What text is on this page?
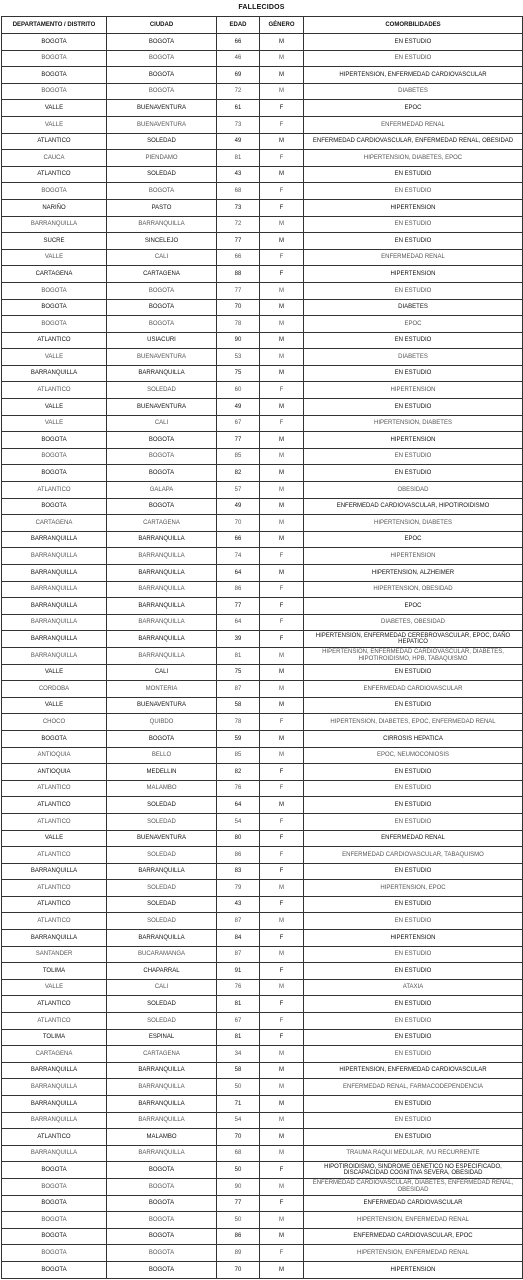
FALLECIDOS
DEPARTAMENTO / DISTRITO	CIUDAD	EDAD	GÉNERO	COMORBILIDADES
BOGOTA	BOGOTA	66	M	EN ESTUDIO
BOGOTA	BOGOTA	46	M	EN ESTUDIO
BOGOTA	BOGOTA	69	M	HIPERTENSION, ENFERMEDAD CARDIOVASCULAR
BOGOTA	BOGOTA	72	M	DIABETES
VALLE	BUENAVENTURA	61	F	EPOC
VALLE	BUENAVENTURA	73	F	ENFERMEDAD RENAL
ATLANTICO	SOLEDAD	49	M	ENFERMEDAD CARDIOVASCULAR, ENFERMEDAD RENAL, OBESIDAD
CAUCA	PIENDAMO	81	F	HIPERTENSION, DIABETES, EPOC
ATLANTICO	SOLEDAD	43	M	EN ESTUDIO
BOGOTA	BOGOTA	68	F	EN ESTUDIO
NARIÑO	PASTO	73	F	HIPERTENSION
BARRANQUILLA	BARRANQUILLA	72	M	EN ESTUDIO
SUCRE	SINCELEJO	77	M	EN ESTUDIO
VALLE	CALI	66	F	ENFERMEDAD RENAL
CARTAGENA	CARTAGENA	88	F	HIPERTENSION
BOGOTA	BOGOTA	77	M	EN ESTUDIO
BOGOTA	BOGOTA	70	M	DIABETES
BOGOTA	BOGOTA	78	M	EPOC
ATLANTICO	USIACURI	90	M	EN ESTUDIO
VALLE	BUENAVENTURA	53	M	DIABETES
BARRANQUILLA	BARRANQUILLA	75	M	EN ESTUDIO
ATLANTICO	SOLEDAD	60	F	HIPERTENSION
VALLE	BUENAVENTURA	49	M	EN ESTUDIO
VALLE	CALI	67	F	HIPERTENSION, DIABETES
BOGOTA	BOGOTA	77	M	HIPERTENSION
BOGOTA	BOGOTA	85	M	EN ESTUDIO
BOGOTA	BOGOTA	82	M	EN ESTUDIO
ATLANTICO	GALAPA	57	M	OBESIDAD
BOGOTA	BOGOTA	49	M	ENFERMEDAD CARDIOVASCULAR, HIPOTIROIDISMO
CARTAGENA	CARTAGENA	70	M	HIPERTENSION, DIABETES
BARRANQUILLA	BARRANQUILLA	66	M	EPOC
BARRANQUILLA	BARRANQUILLA	74	F	HIPERTENSION
BARRANQUILLA	BARRANQUILLA	64	M	HIPERTENSION, ALZHEIMER
BARRANQUILLA	BARRANQUILLA	86	F	HIPERTENSION, OBESIDAD
BARRANQUILLA	BARRANQUILLA	77	F	EPOC
BARRANQUILLA	BARRANQUILLA	64	F	DIABETES, OBESIDAD
BARRANQUILLA	BARRANQUILLA	39	F	HIPERTENSION, ENFERMEDAD CEREBROVASCULAR, EPOC, DAÑO HEPATICO
BARRANQUILLA	BARRANQUILLA	81	M	HIPERTENSION, ENFERMEDAD CARDIOVASCULAR, DIABETES, HIPOTIROIDISMO, HPB, TABAQUISMO
VALLE	CALI	75	M	EN ESTUDIO
CORDOBA	MONTERIA	87	M	ENFERMEDAD CARDIOVASCULAR
VALLE	BUENAVENTURA	58	M	EN ESTUDIO
CHOCO	QUIBDO	78	F	HIPERTENSION, DIABETES, EPOC, ENFERMEDAD RENAL
BOGOTA	BOGOTA	59	M	CIRROSIS HEPATICA
ANTIOQUIA	BELLO	85	M	EPOC, NEUMOCONIOSIS
ANTIOQUIA	MEDELLIN	82	F	EN ESTUDIO
ATLANTICO	MALAMBO	76	F	EN ESTUDIO
ATLANTICO	SOLEDAD	64	M	EN ESTUDIO
ATLANTICO	SOLEDAD	54	F	EN ESTUDIO
VALLE	BUENAVENTURA	80	F	ENFERMEDAD RENAL
ATLANTICO	SOLEDAD	86	F	ENFERMEDAD CARDIOVASCULAR, TABAQUISMO
BARRANQUILLA	BARRANQUILLA	83	F	EN ESTUDIO
ATLANTICO	SOLEDAD	79	M	HIPERTENSION, EPOC
ATLANTICO	SOLEDAD	43	F	EN ESTUDIO
ATLANTICO	SOLEDAD	87	M	EN ESTUDIO
BARRANQUILLA	BARRANQUILLA	84	F	HIPERTENSION
SANTANDER	BUCARAMANGA	87	M	EN ESTUDIO
TOLIMA	CHAPARRAL	91	F	EN ESTUDIO
VALLE	CALI	76	M	ATAXIA
ATLANTICO	SOLEDAD	81	F	EN ESTUDIO
ATLANTICO	SOLEDAD	67	F	EN ESTUDIO
TOLIMA	ESPINAL	81	F	EN ESTUDIO
CARTAGENA	CARTAGENA	34	M	EN ESTUDIO
BARRANQUILLA	BARRANQUILLA	58	M	HIPERTENSION, ENFERMEDAD CARDIOVASCULAR
BARRANQUILLA	BARRANQUILLA	50	M	ENFERMEDAD RENAL, FARMACODEPENDENCIA
BARRANQUILLA	BARRANQUILLA	71	M	EN ESTUDIO
BARRANQUILLA	BARRANQUILLA	54	M	EN ESTUDIO
ATLANTICO	MALAMBO	70	M	EN ESTUDIO
BARRANQUILLA	BARRANQUILLA	68	M	TRAUMA RAQUI MEDULAR, IVU RECURRENTE
BOGOTA	BOGOTA	50	F	HIPOTIROIDISMO, SINDROME GENETICO NO ESPECIFICADO, DISCAPACIDAD COGNITIVA SEVERA, OBESIDAD
BOGOTA	BOGOTA	90	M	ENFERMEDAD CARDIOVASCULAR, DIABETES, ENFERMEDAD RENAL, OBESIDAD
BOGOTA	BOGOTA	77	F	ENFERMEDAD CARDIOVASCULAR
BOGOTA	BOGOTA	50	M	HIPERTENSION, ENFERMEDAD RENAL
BOGOTA	BOGOTA	86	M	ENFERMEDAD CARDIOVASCULAR, EPOC
BOGOTA	BOGOTA	89	F	HIPERTENSION, ENFERMEDAD RENAL
BOGOTA	BOGOTA	70	M	HIPERTENSION
